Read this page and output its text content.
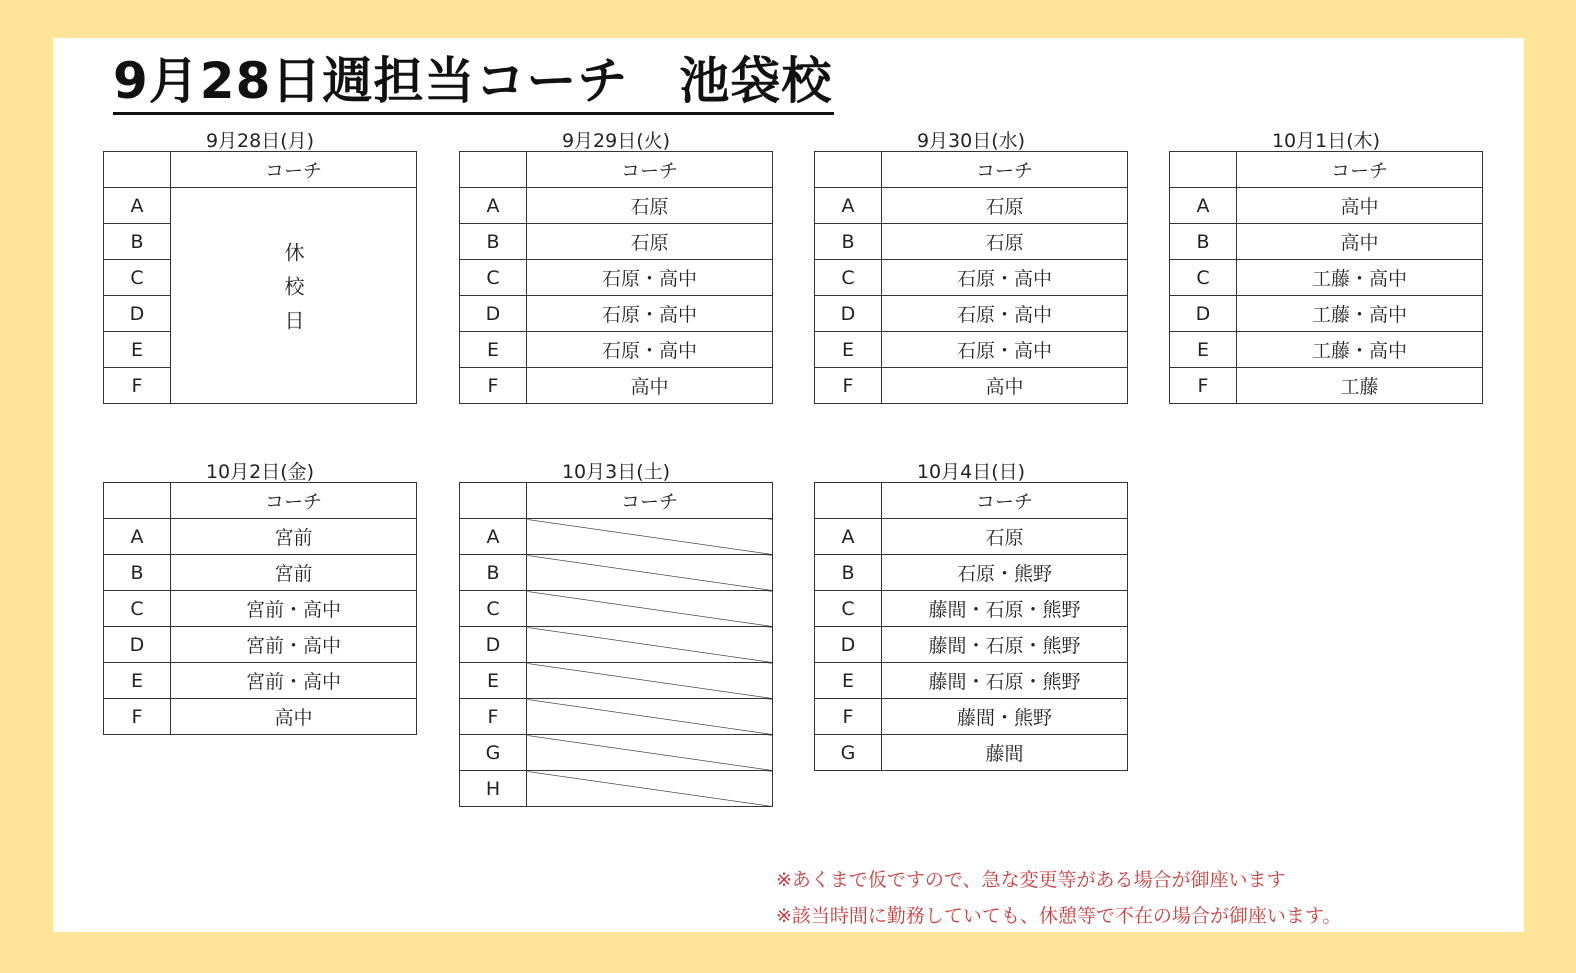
9月28日週担当コーチ　池袋校
9月28日(月)
	コーチ
A	休校日
B	
C	
D	
E	
F	
9月29日(火)
	コーチ
A	石原
B	石原
C	石原・高中
D	石原・高中
E	石原・高中
F	高中
9月30日(水)
	コーチ
A	石原
B	石原
C	石原・高中
D	石原・高中
E	石原・高中
F	高中
10月1日(木)
	コーチ
A	高中
B	高中
C	工藤・高中
D	工藤・高中
E	工藤・高中
F	工藤
10月2日(金)
	コーチ
A	宮前
B	宮前
C	宮前・高中
D	宮前・高中
E	宮前・高中
F	高中
10月3日(土)
	コーチ
A	
B	
C	
D	
E	
F	
G	
H	
10月4日(日)
	コーチ
A	石原
B	石原・熊野
C	藤間・石原・熊野
D	藤間・石原・熊野
E	藤間・石原・熊野
F	藤間・熊野
G	藤間
※あくまで仮ですので、急な変更等がある場合が御座います
※該当時間に勤務していても、休憩等で不在の場合が御座います。
